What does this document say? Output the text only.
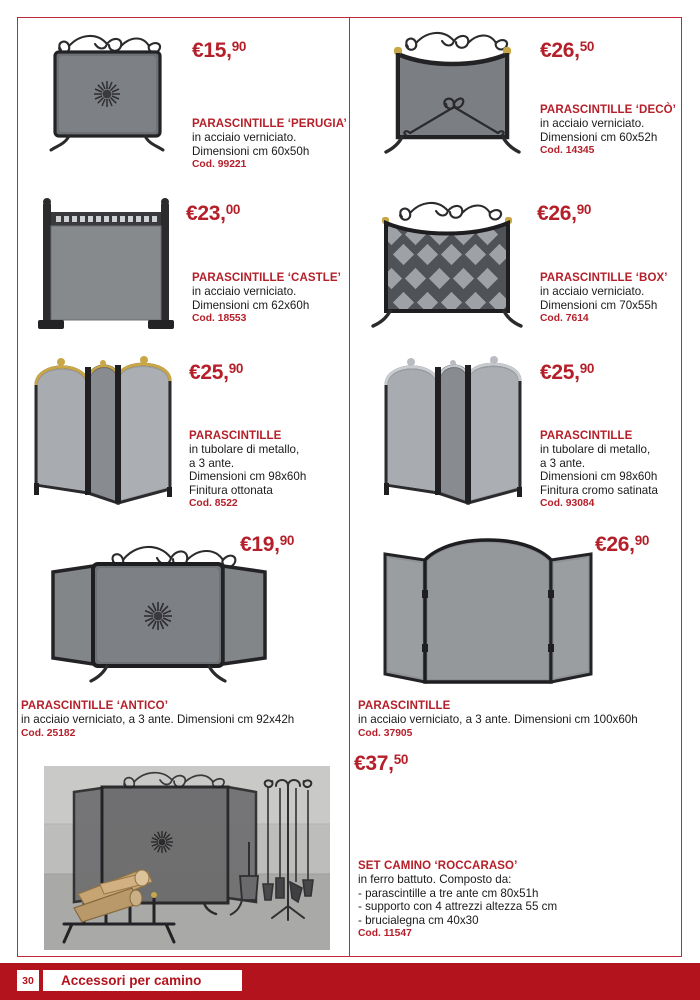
€15,90
PARASCINTILLE ‘PERUGIA’
in acciaio verniciato.
Dimensioni cm 60x50h
Cod. 99221
€26,50
PARASCINTILLE ‘DECÒ’
in acciaio verniciato.
Dimensioni cm 60x52h
Cod. 14345
€23,00
PARASCINTILLE ‘CASTLE’
in acciaio verniciato.
Dimensioni cm 62x60h
Cod. 18553
€26,90
PARASCINTILLE ‘BOX’
in acciaio verniciato.
Dimensioni cm 70x55h
Cod. 7614
€25,90
PARASCINTILLE
in tubolare di metallo,
a 3 ante.
Dimensioni cm 98x60h
Finitura ottonata
Cod. 8522
€25,90
PARASCINTILLE
in tubolare di metallo,
a 3 ante.
Dimensioni cm 98x60h
Finitura cromo satinata
Cod. 93084
€19,90
PARASCINTILLE ‘ANTICO’
in acciaio verniciato, a 3 ante. Dimensioni cm 92x42h
Cod. 25182
€26,90
PARASCINTILLE
in acciaio verniciato, a 3 ante. Dimensioni cm 100x60h
Cod. 37905
€37,50
SET CAMINO ‘ROCCARASO’
in ferro battuto. Composto da:
- parascintille a tre ante cm 80x51h
- supporto con 4 attrezzi altezza 55 cm
- brucialegna cm 40x30
Cod. 11547
30	Accessori per camino
